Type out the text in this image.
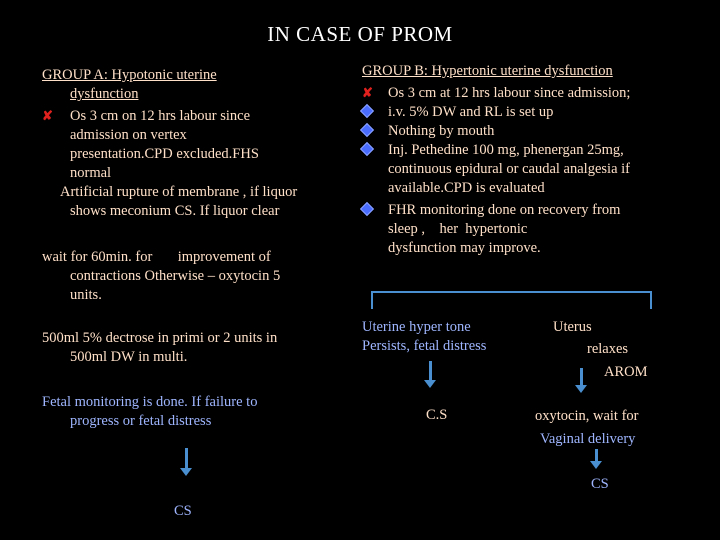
IN CASE OF PROM
GROUP A: Hypotonic uterine
dysfunction
✘ Os 3 cm on 12 hrs labour since
admission on vertex
presentation.CPD excluded.FHS
normal
Artificial rupture of membrane , if liquor
shows meconium CS. If liquor clear
wait for 60min. for       improvement of
contractions Otherwise – oxytocin 5
units.
500ml 5% dectrose in primi or 2 units in
500ml DW in multi.
Fetal monitoring is done. If failure to
progress or fetal distress
CS
GROUP B: Hypertonic uterine dysfunction
✘ Os 3 cm at 12 hrs labour since admission;
i.v. 5% DW and RL is set up
Nothing by mouth
Inj. Pethedine 100 mg, phenergan 25mg,
continuous epidural or caudal analgesia if
available.CPD is evaluated
FHR monitoring done on recovery from
sleep ,    her  hypertonic
dysfunction may improve.
Uterine hyper tone
Persists, fetal distress
C.S
Uterus
relaxes
AROM
oxytocin, wait for
Vaginal delivery
CS
